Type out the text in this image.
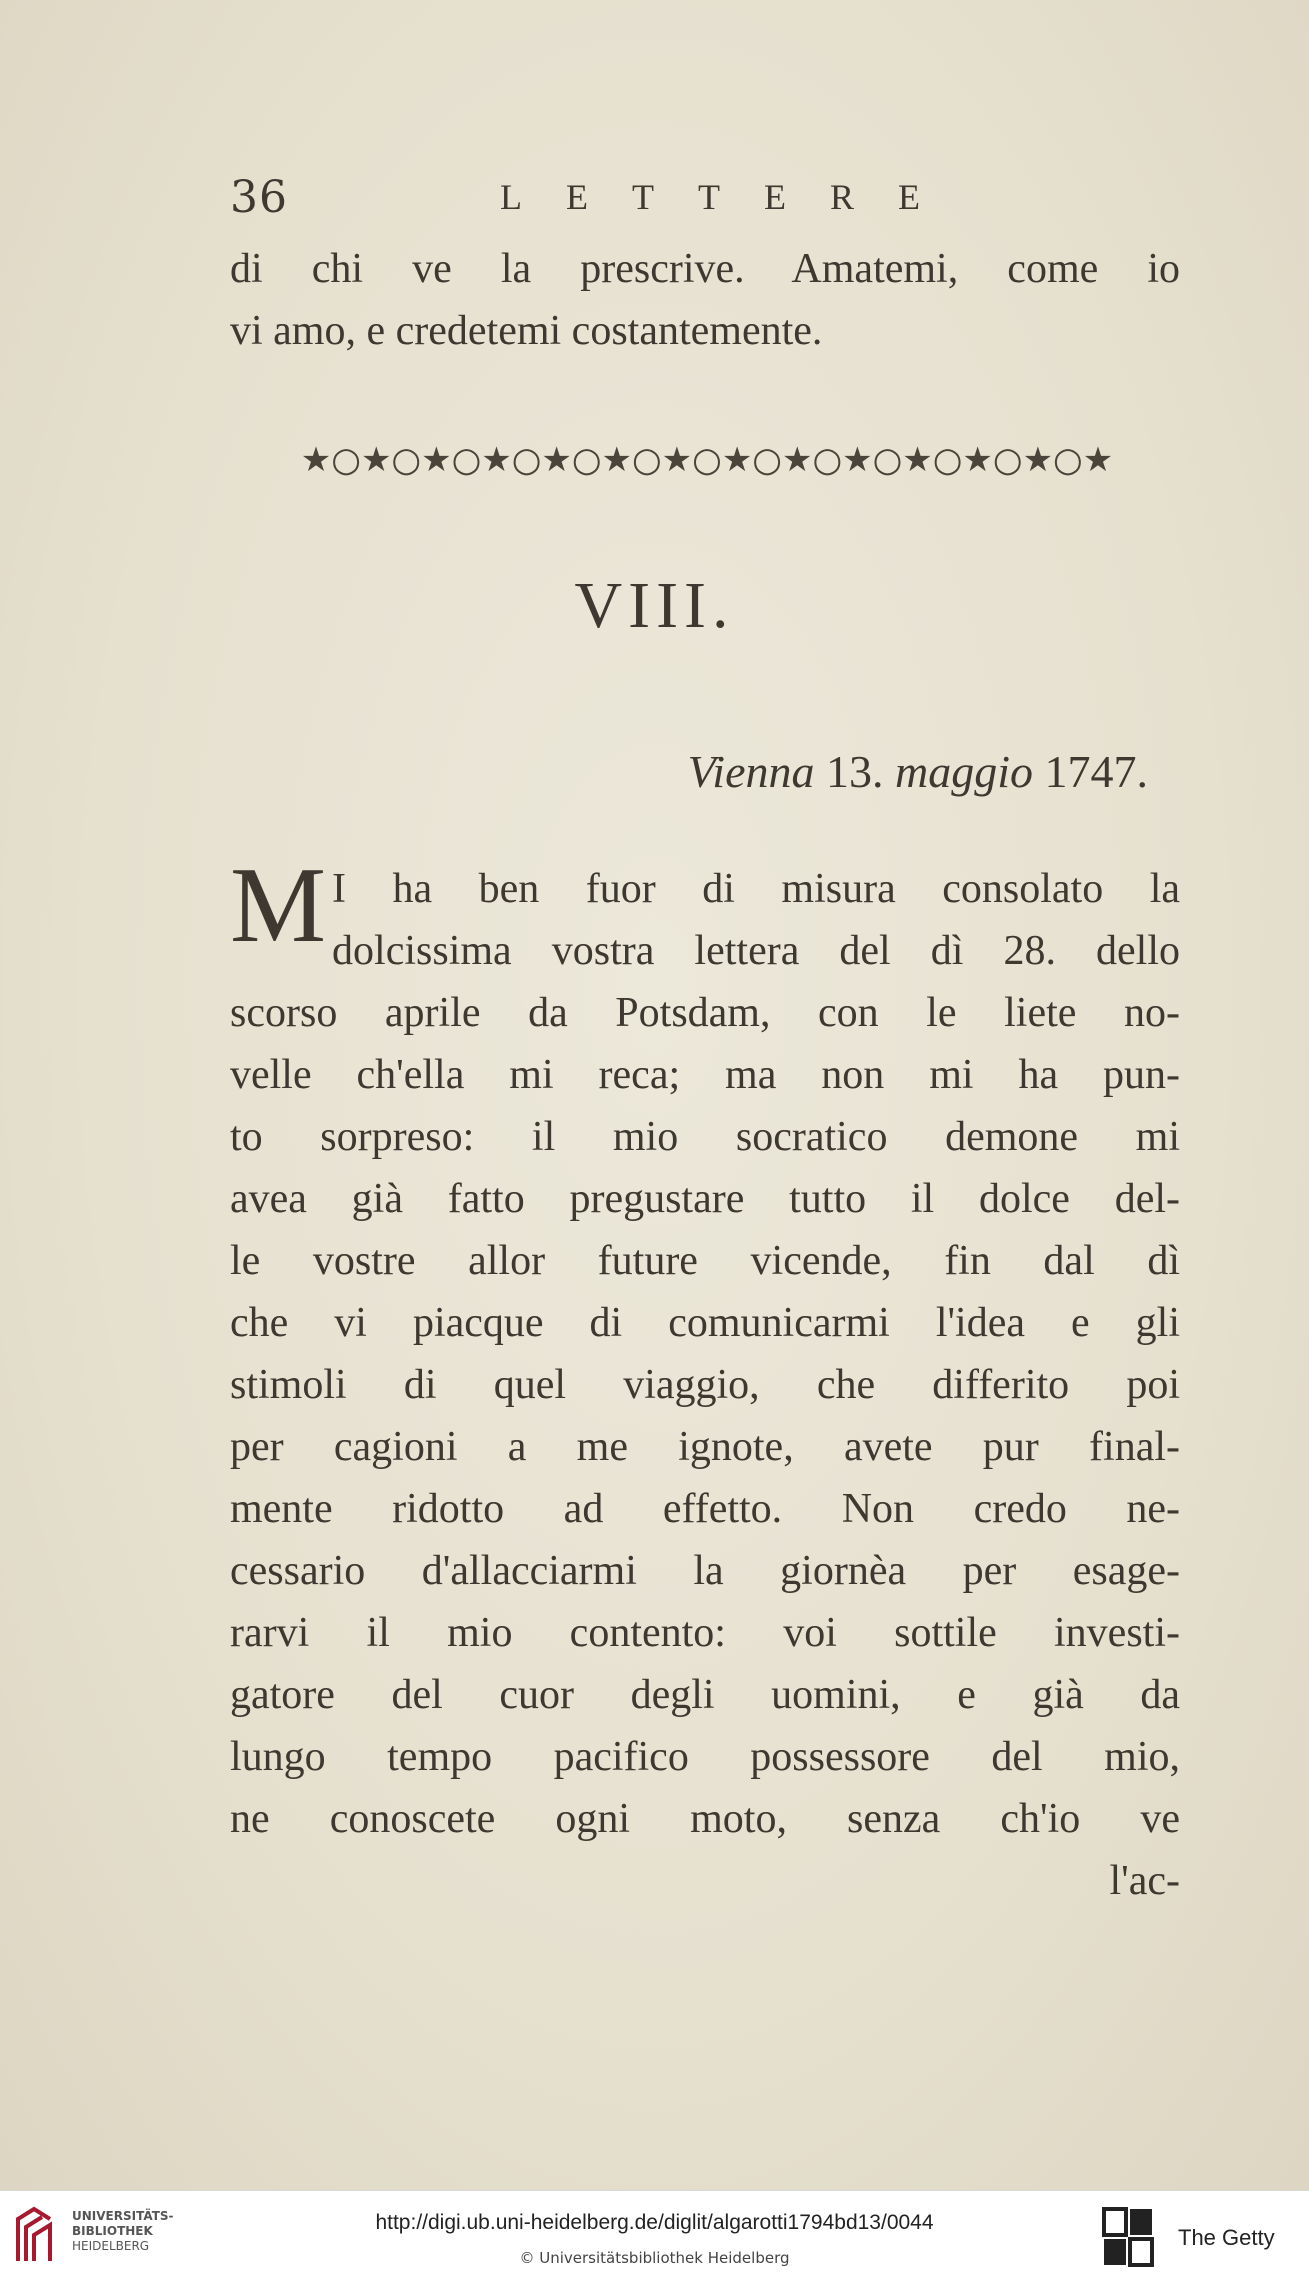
36	LETTERE
di chi ve la prescrive. Amatemi, come io
vi amo, e credetemi costantemente.
★○★○★○★○★○★○★○★○★○★○★○★○★○★
VIII.
Vienna 13. maggio 1747.
M I ha ben fuor di misura consolato la
dolcissima vostra lettera del dì 28. dello
scorso aprile da Potsdam, con le liete no-
velle ch'ella mi reca; ma non mi ha pun-
to sorpreso: il mio socratico demone mi
avea già fatto pregustare tutto il dolce del-
le vostre allor future vicende, fin dal dì
che vi piacque di comunicarmi l'idea e gli
stimoli di quel viaggio, che differito poi
per cagioni a me ignote, avete pur final-
mente ridotto ad effetto. Non credo ne-
cessario d'allacciarmi la giornèa per esage-
rarvi il mio contento: voi sottile investi-
gatore del cuor degli uomini, e già da
lungo tempo pacifico possessore del mio,
ne conoscete ogni moto, senza ch'io ve
l'ac-
UNIVERSITÄTS-
BIBLIOTHEK
HEIDELBERG
http://digi.ub.uni-heidelberg.de/diglit/algarotti1794bd13/0044
© Universitätsbibliothek Heidelberg
The Getty
